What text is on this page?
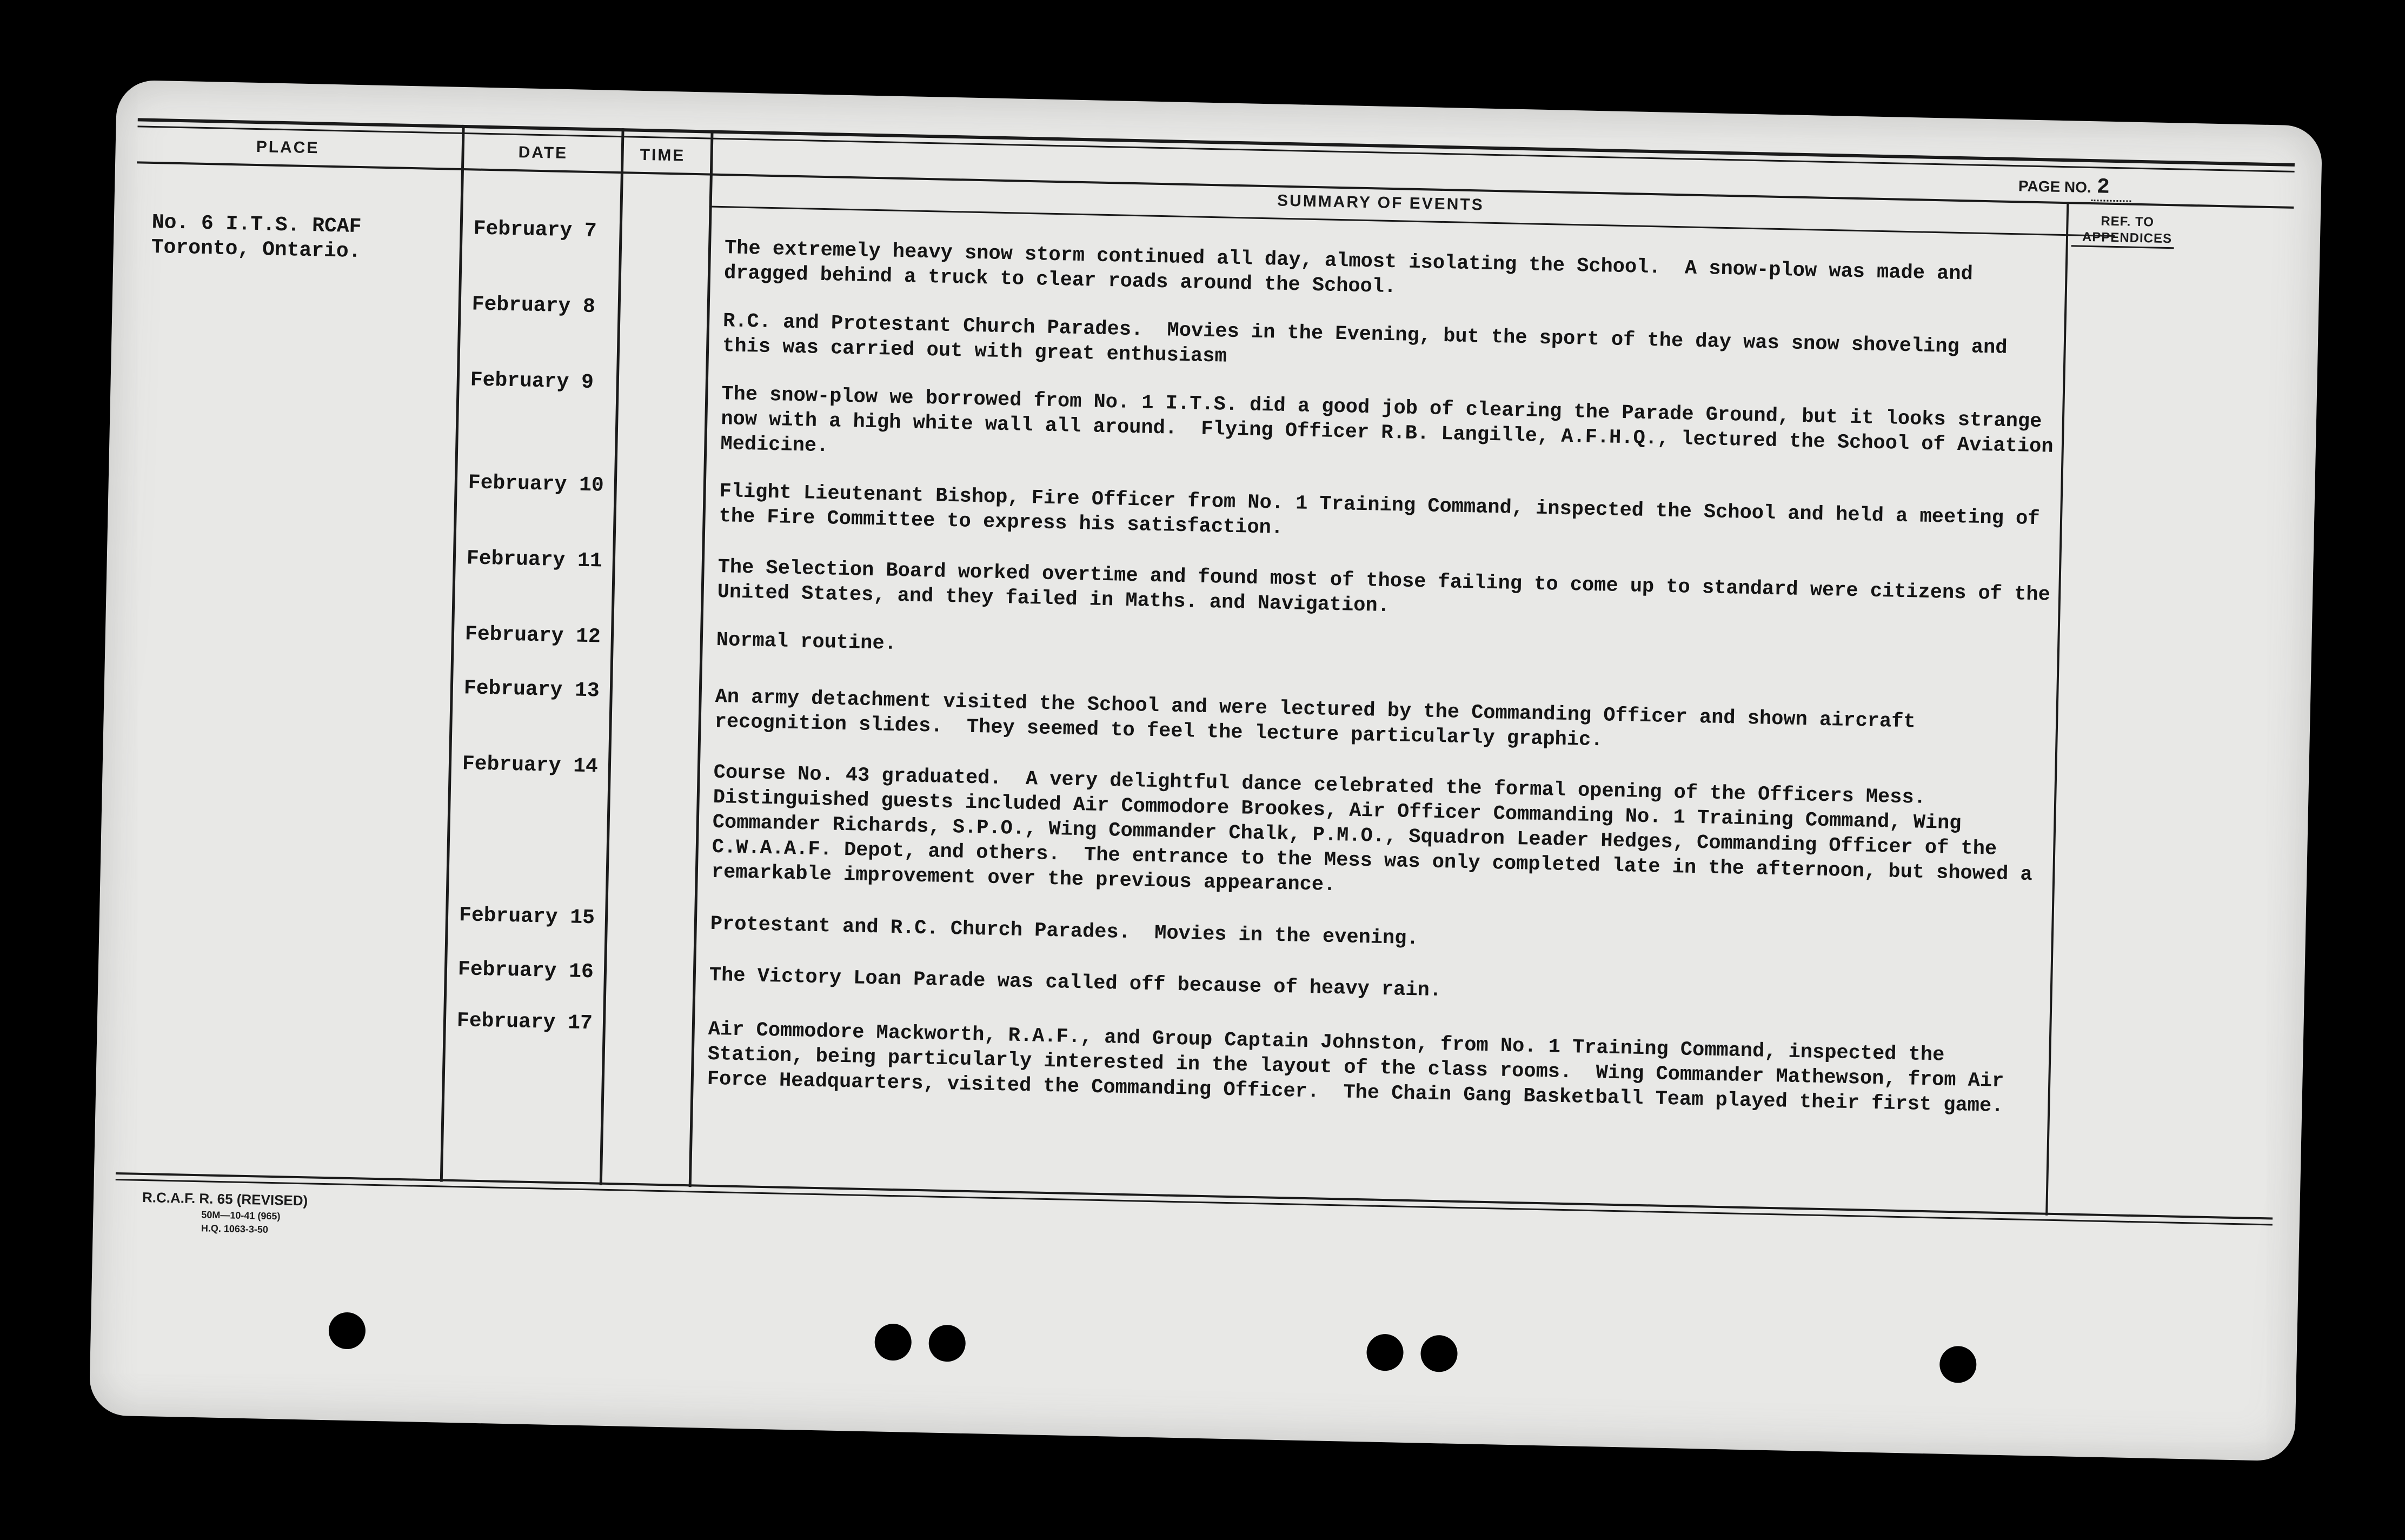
PLACE	DATE	TIME
SUMMARY OF EVENTS
PAGE NO. 2
REF. TO
APPENDICES
No. 6 I.T.S. RCAF
Toronto, Ontario.
February 7
February 8
February 9
February 10
February 11
February 12
February 13
February 14
February 15
February 16
February 17
The extremely heavy snow storm continued all day, almost isolating the School.  A snow-plow was made and dragged behind a truck to clear roads around the School.
R.C. and Protestant Church Parades.  Movies in the Evening, but the sport of the day was snow shoveling and this was carried out with great enthusiasm
The snow-plow we borrowed from No. 1 I.T.S. did a good job of clearing the Parade Ground, but it looks strange now with a high white wall all around.  Flying Officer R.B. Langille, A.F.H.Q., lectured the School of Aviation Medicine.
Flight Lieutenant Bishop, Fire Officer from No. 1 Training Command, inspected the School and held a meeting of the Fire Committee to express his satisfaction.
The Selection Board worked overtime and found most of those failing to come up to standard were citizens of the United States, and they failed in Maths. and Navigation.
Normal routine.
An army detachment visited the School and were lectured by the Commanding Officer and shown aircraft recognition slides.  They seemed to feel the lecture particularly graphic.
Course No. 43 graduated.  A very delightful dance celebrated the formal opening of the Officers Mess. Distinguished guests included Air Commodore Brookes, Air Officer Commanding No. 1 Training Command, Wing Commander Richards, S.P.O., Wing Commander Chalk, P.M.O., Squadron Leader Hedges, Commanding Officer of the C.W.A.A.F. Depot, and others.  The entrance to the Mess was only completed late in the afternoon, but showed a remarkable improvement over the previous appearance.
Protestant and R.C. Church Parades.  Movies in the evening.
The Victory Loan Parade was called off because of heavy rain.
Air Commodore Mackworth, R.A.F., and Group Captain Johnston, from No. 1 Training Command, inspected the Station, being particularly interested in the layout of the class rooms.  Wing Commander Mathewson, from Air Force Headquarters, visited the Commanding Officer.  The Chain Gang Basketball Team played their first game.
R.C.A.F. R. 65 (REVISED)
50M—10-41 (965)
H.Q. 1063-3-50
